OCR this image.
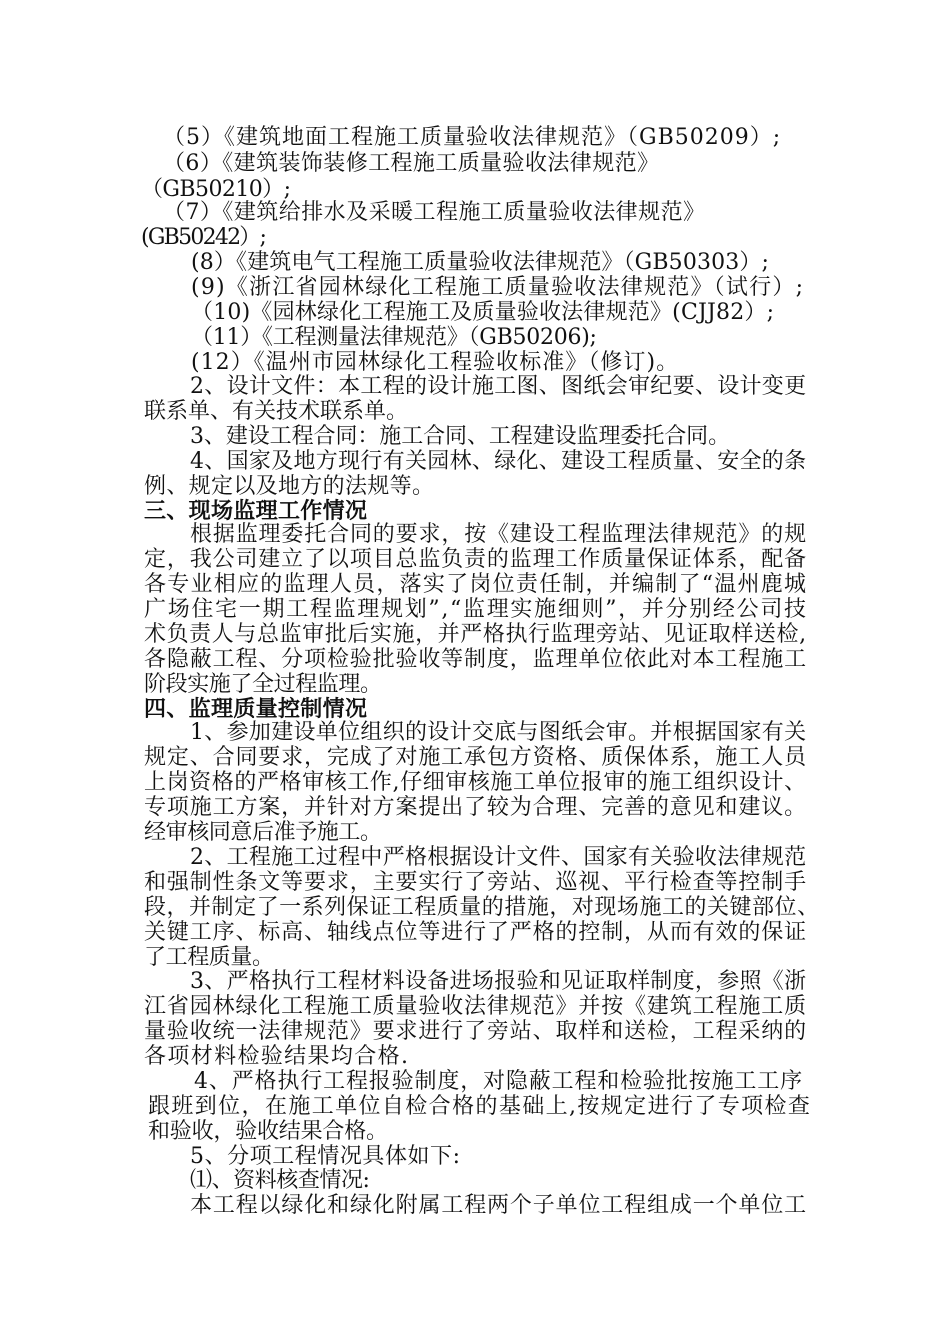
（5）《建筑地面工程施工质量验收法律规范》（GB50209）;
（6）《建筑装饰装修工程施工质量验收法律规范》
（GB50210）;
（7）《建筑给排水及采暖工程施工质量验收法律规范》
(GB50242）;
(8）《建筑电气工程施工质量验收法律规范》（GB50303）;
(9)《浙江省园林绿化工程施工质量验收法律规范》（试行）;
（10)《园林绿化工程施工及质量验收法律规范》(CJJ82）;
（11）《工程测量法律规范》（GB50206);
(12）《温州市园林绿化工程验收标准》（修订)。
2、设计文件：本工程的设计施工图、图纸会审纪要、设计变更
联系单、有关技术联系单。
3、建设工程合同：施工合同、工程建设监理委托合同。
4、国家及地方现行有关园林、绿化、建设工程质量、安全的条
例、规定以及地方的法规等。
三、现场监理工作情况
根据监理委托合同的要求，按《建设工程监理法律规范》的规
定，我公司建立了以项目总监负责的监理工作质量保证体系，配备
各专业相应的监理人员，落实了岗位责任制，并编制了“温州鹿城
广场住宅一期工程监理规划”,“监理实施细则”，并分别经公司技
术负责人与总监审批后实施，并严格执行监理旁站、见证取样送检,
各隐蔽工程、分项检验批验收等制度，监理单位依此对本工程施工
阶段实施了全过程监理。
四、监理质量控制情况
1、参加建设单位组织的设计交底与图纸会审。并根据国家有关
规定、合同要求，完成了对施工承包方资格、质保体系，施工人员
上岗资格的严格审核工作,仔细审核施工单位报审的施工组织设计、
专项施工方案，并针对方案提出了较为合理、完善的意见和建议。
经审核同意后准予施工。
2、工程施工过程中严格根据设计文件、国家有关验收法律规范
和强制性条文等要求，主要实行了旁站、巡视、平行检查等控制手
段，并制定了一系列保证工程质量的措施，对现场施工的关键部位、
关键工序、标高、轴线点位等进行了严格的控制，从而有效的保证
了工程质量。
3、严格执行工程材料设备进场报验和见证取样制度，参照《浙
江省园林绿化工程施工质量验收法律规范》并按《建筑工程施工质
量验收统一法律规范》要求进行了旁站、取样和送检，工程采纳的
各项材料检验结果均合格.
4、严格执行工程报验制度，对隐蔽工程和检验批按施工工序
跟班到位，在施工单位自检合格的基础上,按规定进行了专项检查
和验收，验收结果合格。
5、分项工程情况具体如下:
⑴、资料核查情况:
本工程以绿化和绿化附属工程两个子单位工程组成一个单位工
